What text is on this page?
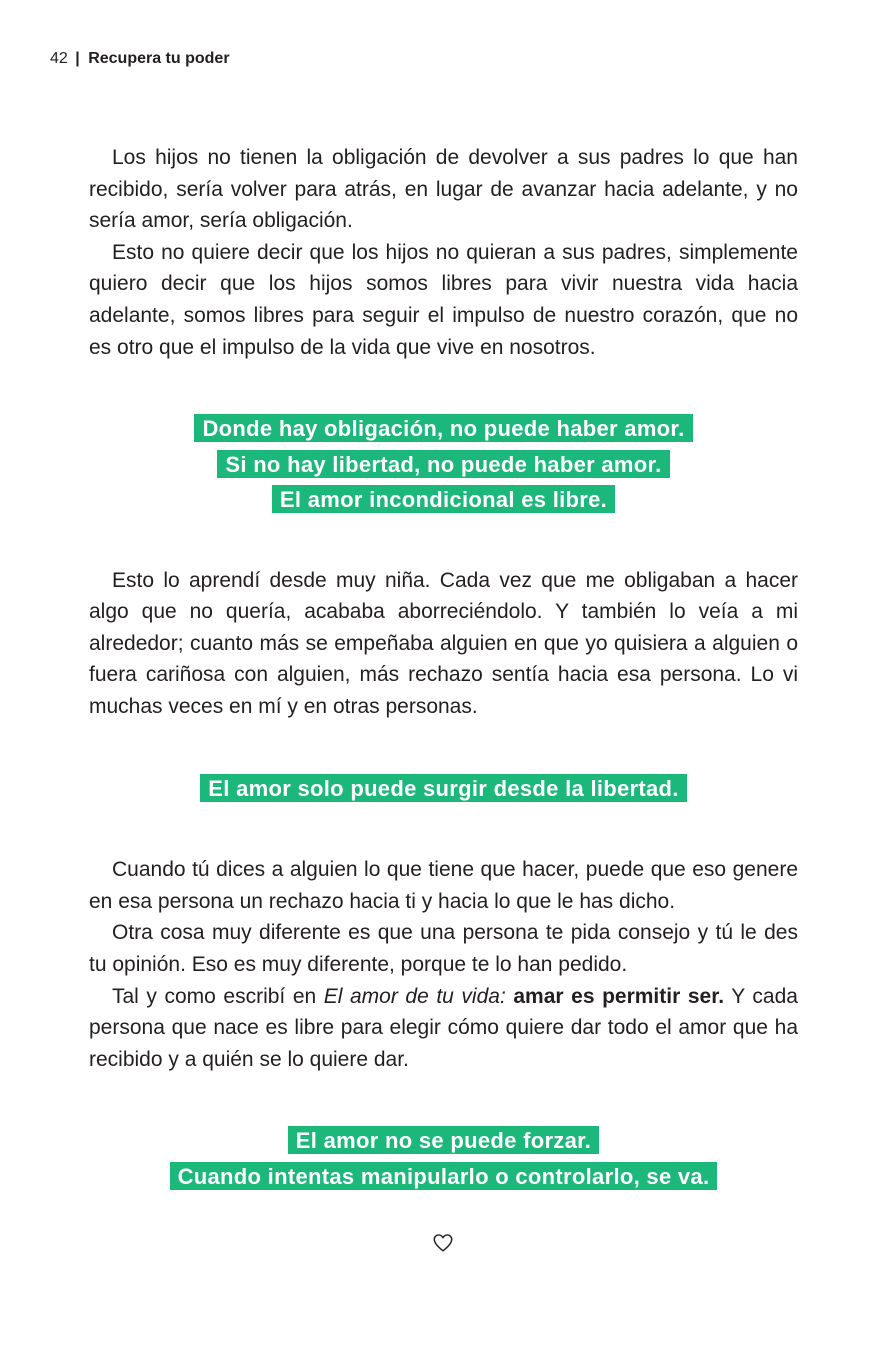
42 | Recupera tu poder

Los hijos no tienen la obligación de devolver a sus padres lo que han recibido, sería volver para atrás, en lugar de avanzar hacia adelante, y no sería amor, sería obligación.

Esto no quiere decir que los hijos no quieran a sus padres, simplemente quiero decir que los hijos somos libres para vivir nuestra vida hacia adelante, somos libres para seguir el impulso de nuestro corazón, que no es otro que el impulso de la vida que vive en nosotros.

Donde hay obligación, no puede haber amor.
Si no hay libertad, no puede haber amor.
El amor incondicional es libre.

Esto lo aprendí desde muy niña. Cada vez que me obligaban a hacer algo que no quería, acababa aborreciéndolo. Y también lo veía a mi alrededor; cuanto más se empeñaba alguien en que yo quisiera a alguien o fuera cariñosa con alguien, más rechazo sentía hacia esa persona. Lo vi muchas veces en mí y en otras personas.

El amor solo puede surgir desde la libertad.

Cuando tú dices a alguien lo que tiene que hacer, puede que eso genere en esa persona un rechazo hacia ti y hacia lo que le has dicho.

Otra cosa muy diferente es que una persona te pida consejo y tú le des tu opinión. Eso es muy diferente, porque te lo han pedido.

Tal y como escribí en El amor de tu vida: amar es permitir ser. Y cada persona que nace es libre para elegir cómo quiere dar todo el amor que ha recibido y a quién se lo quiere dar.

El amor no se puede forzar.
Cuando intentas manipularlo o controlarlo, se va.
